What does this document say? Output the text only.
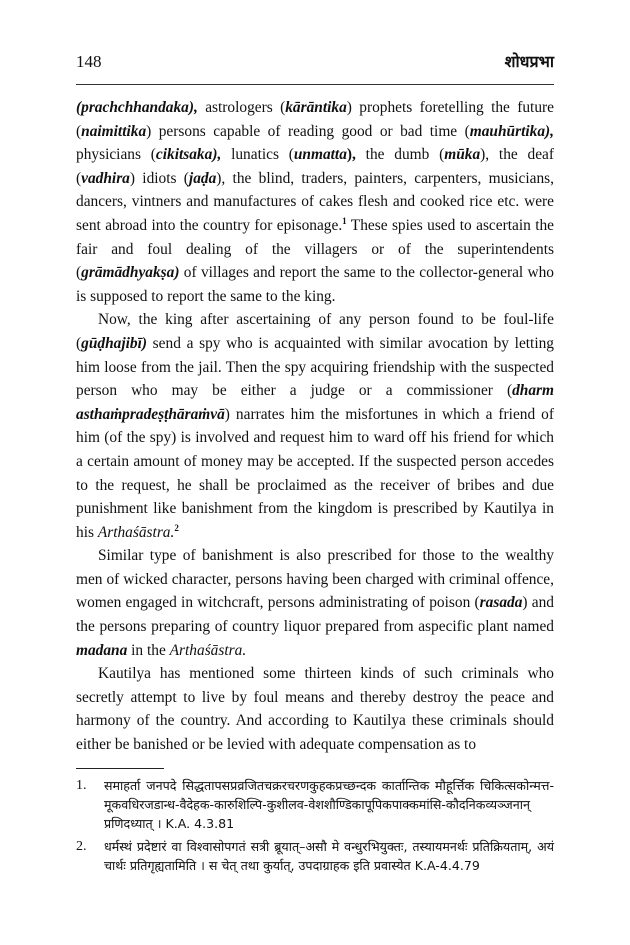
148	शोधप्रभा

(prachchhandaka), astrologers (kārāntika) prophets foretelling the future (naimittika) persons capable of reading good or bad time (mauhūrtika), physicians (cikitsaka), lunatics (unmatta), the dumb (mūka), the deaf (vadhira) idiots (jaḍa), the blind, traders, painters, carpenters, musicians, dancers, vintners and manufactures of cakes flesh and cooked rice etc. were sent abroad into the country for episonage.$^1$ These spies used to ascertain the fair and foul dealing of the villagers or of the superintendents (grāmādhyakṣa) of villages and report the same to the collector-general who is supposed to report the same to the king.

Now, the king after ascertaining of any person found to be foul-life (gūḍhajibī) send a spy who is acquainted with similar avocation by letting him loose from the jail. Then the spy acquiring friendship with the suspected person who may be either a judge or a commissioner (dharm asthaṁpradeṣṭhāraṁvā) narrates him the misfortunes in which a friend of him (of the spy) is involved and request him to ward off his friend for which a certain amount of money may be accepted. If the suspected person accedes to the request, he shall be proclaimed as the receiver of bribes and due punishment like banishment from the kingdom is prescribed by Kautilya in his Arthaśāstra.$^2$

Similar type of banishment is also prescribed for those to the wealthy men of wicked character, persons having been charged with criminal offence, women engaged in witchcraft, persons administrating of poison (rasada) and the persons preparing of country liquor prepared from aspecific plant named madana in the Arthaśāstra.

Kautilya has mentioned some thirteen kinds of such criminals who secretly attempt to live by foul means and thereby destroy the peace and harmony of the country. And according to Kautilya these criminals should either be banished or be levied with adequate compensation as to

1.	समाहर्ता जनपदे सिद्धतापसप्रव्रजितचक्ररचरणकुहकप्रच्छन्दक कार्तान्तिक मौहूर्त्तिक चिकित्सकोन्मत्त-मूकवधिरजडान्ध-वैदेहक-कारुशिल्पि-कुशीलव-वेशशौण्डिकापूपिकपाक्कमांसि-कौदनिकव्यञ्जनान् प्रणिदध्यात् । K.A. 4.3.81
2.	धर्मस्थं प्रदेष्टारं वा विश्वासोपगतं सत्री ब्रूयात्–असौ मे वन्धुरभियुक्तः, तस्यायमनर्थः प्रतिक्रियताम्, अयं चार्थः प्रतिगृह्यतामिति । स चेत् तथा कुर्यात्, उपदाग्राहक इति प्रवास्येत K.A-4.4.79
